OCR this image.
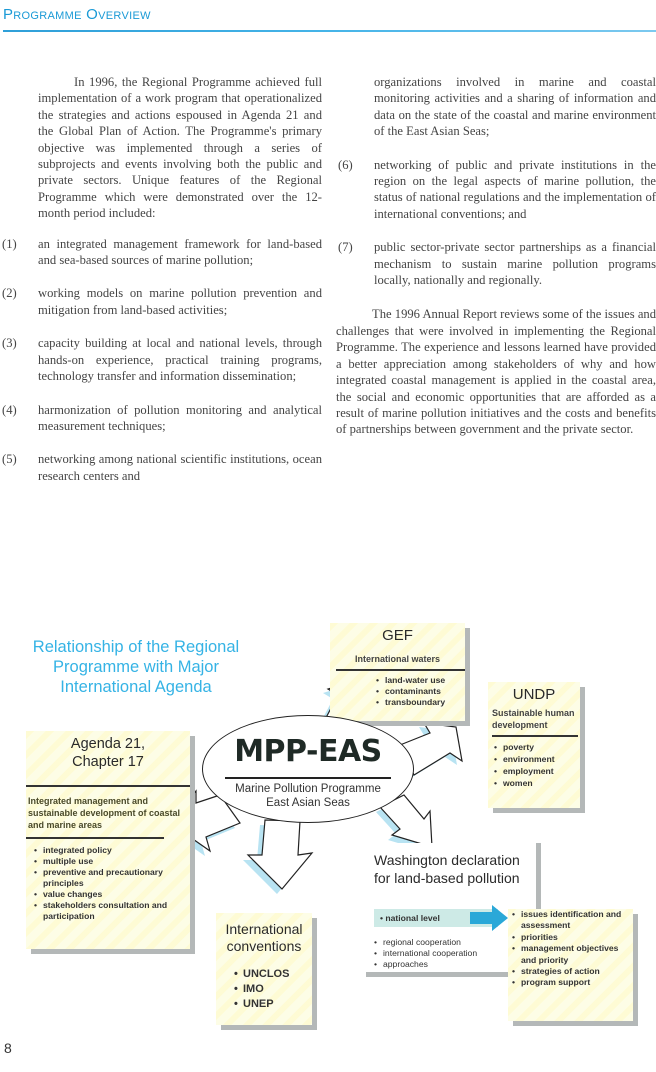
Programme Overview

In 1996, the Regional Programme achieved full implementation of a work program that operationalized the strategies and actions espoused in Agenda 21 and the Global Plan of Action. The Programme's primary objective was implemented through a series of subprojects and events involving both the public and private sectors. Unique features of the Regional Programme which were demonstrated over the 12-month period included:

(1) an integrated management framework for land-based and sea-based sources of marine pollution;
(2) working models on marine pollution prevention and mitigation from land-based activities;
(3) capacity building at local and national levels, through hands-on experience, practical training programs, technology transfer and information dissemination;
(4) harmonization of pollution monitoring and analytical measurement techniques;
(5) networking among national scientific institutions, ocean research centers and

organizations involved in marine and coastal monitoring activities and a sharing of information and data on the state of the coastal and marine environment of the East Asian Seas;

(6) networking of public and private institutions in the region on the legal aspects of marine pollution, the status of national regulations and the implementation of international conventions; and
(7) public sector-private sector partnerships as a financial mechanism to sustain marine pollution programs locally, nationally and regionally.

The 1996 Annual Report reviews some of the issues and challenges that were involved in implementing the Regional Programme. The experience and lessons learned have provided a better appreciation among stakeholders of why and how integrated coastal management is applied in the coastal area, the social and economic opportunities that are afforded as a result of marine pollution initiatives and the costs and benefits of partnerships between government and the private sector.

Relationship of the Regional Programme with Major International Agenda
GEF
International waters
• land-water use
• contaminants
• transboundary	UNDP
Sustainable human development
• poverty
• environment
• employment
• women
Agenda 21,
Chapter 17
Integrated management and sustainable development of coastal and marine areas
• integrated policy
• multiple use
• preventive and precautionary principles
• value changes
• stakeholders consultation and participation
International
conventions
• UNCLOS
• IMO
• UNEP
Washington declaration
for land-based pollution
• national level
• regional cooperation
• international cooperation
• approaches
• issues identification and assessment
• priorities
• management objectives and priority
• strategies of action
• program support
MPP-EAS
Marine Pollution Programme
East Asian Seas
8
